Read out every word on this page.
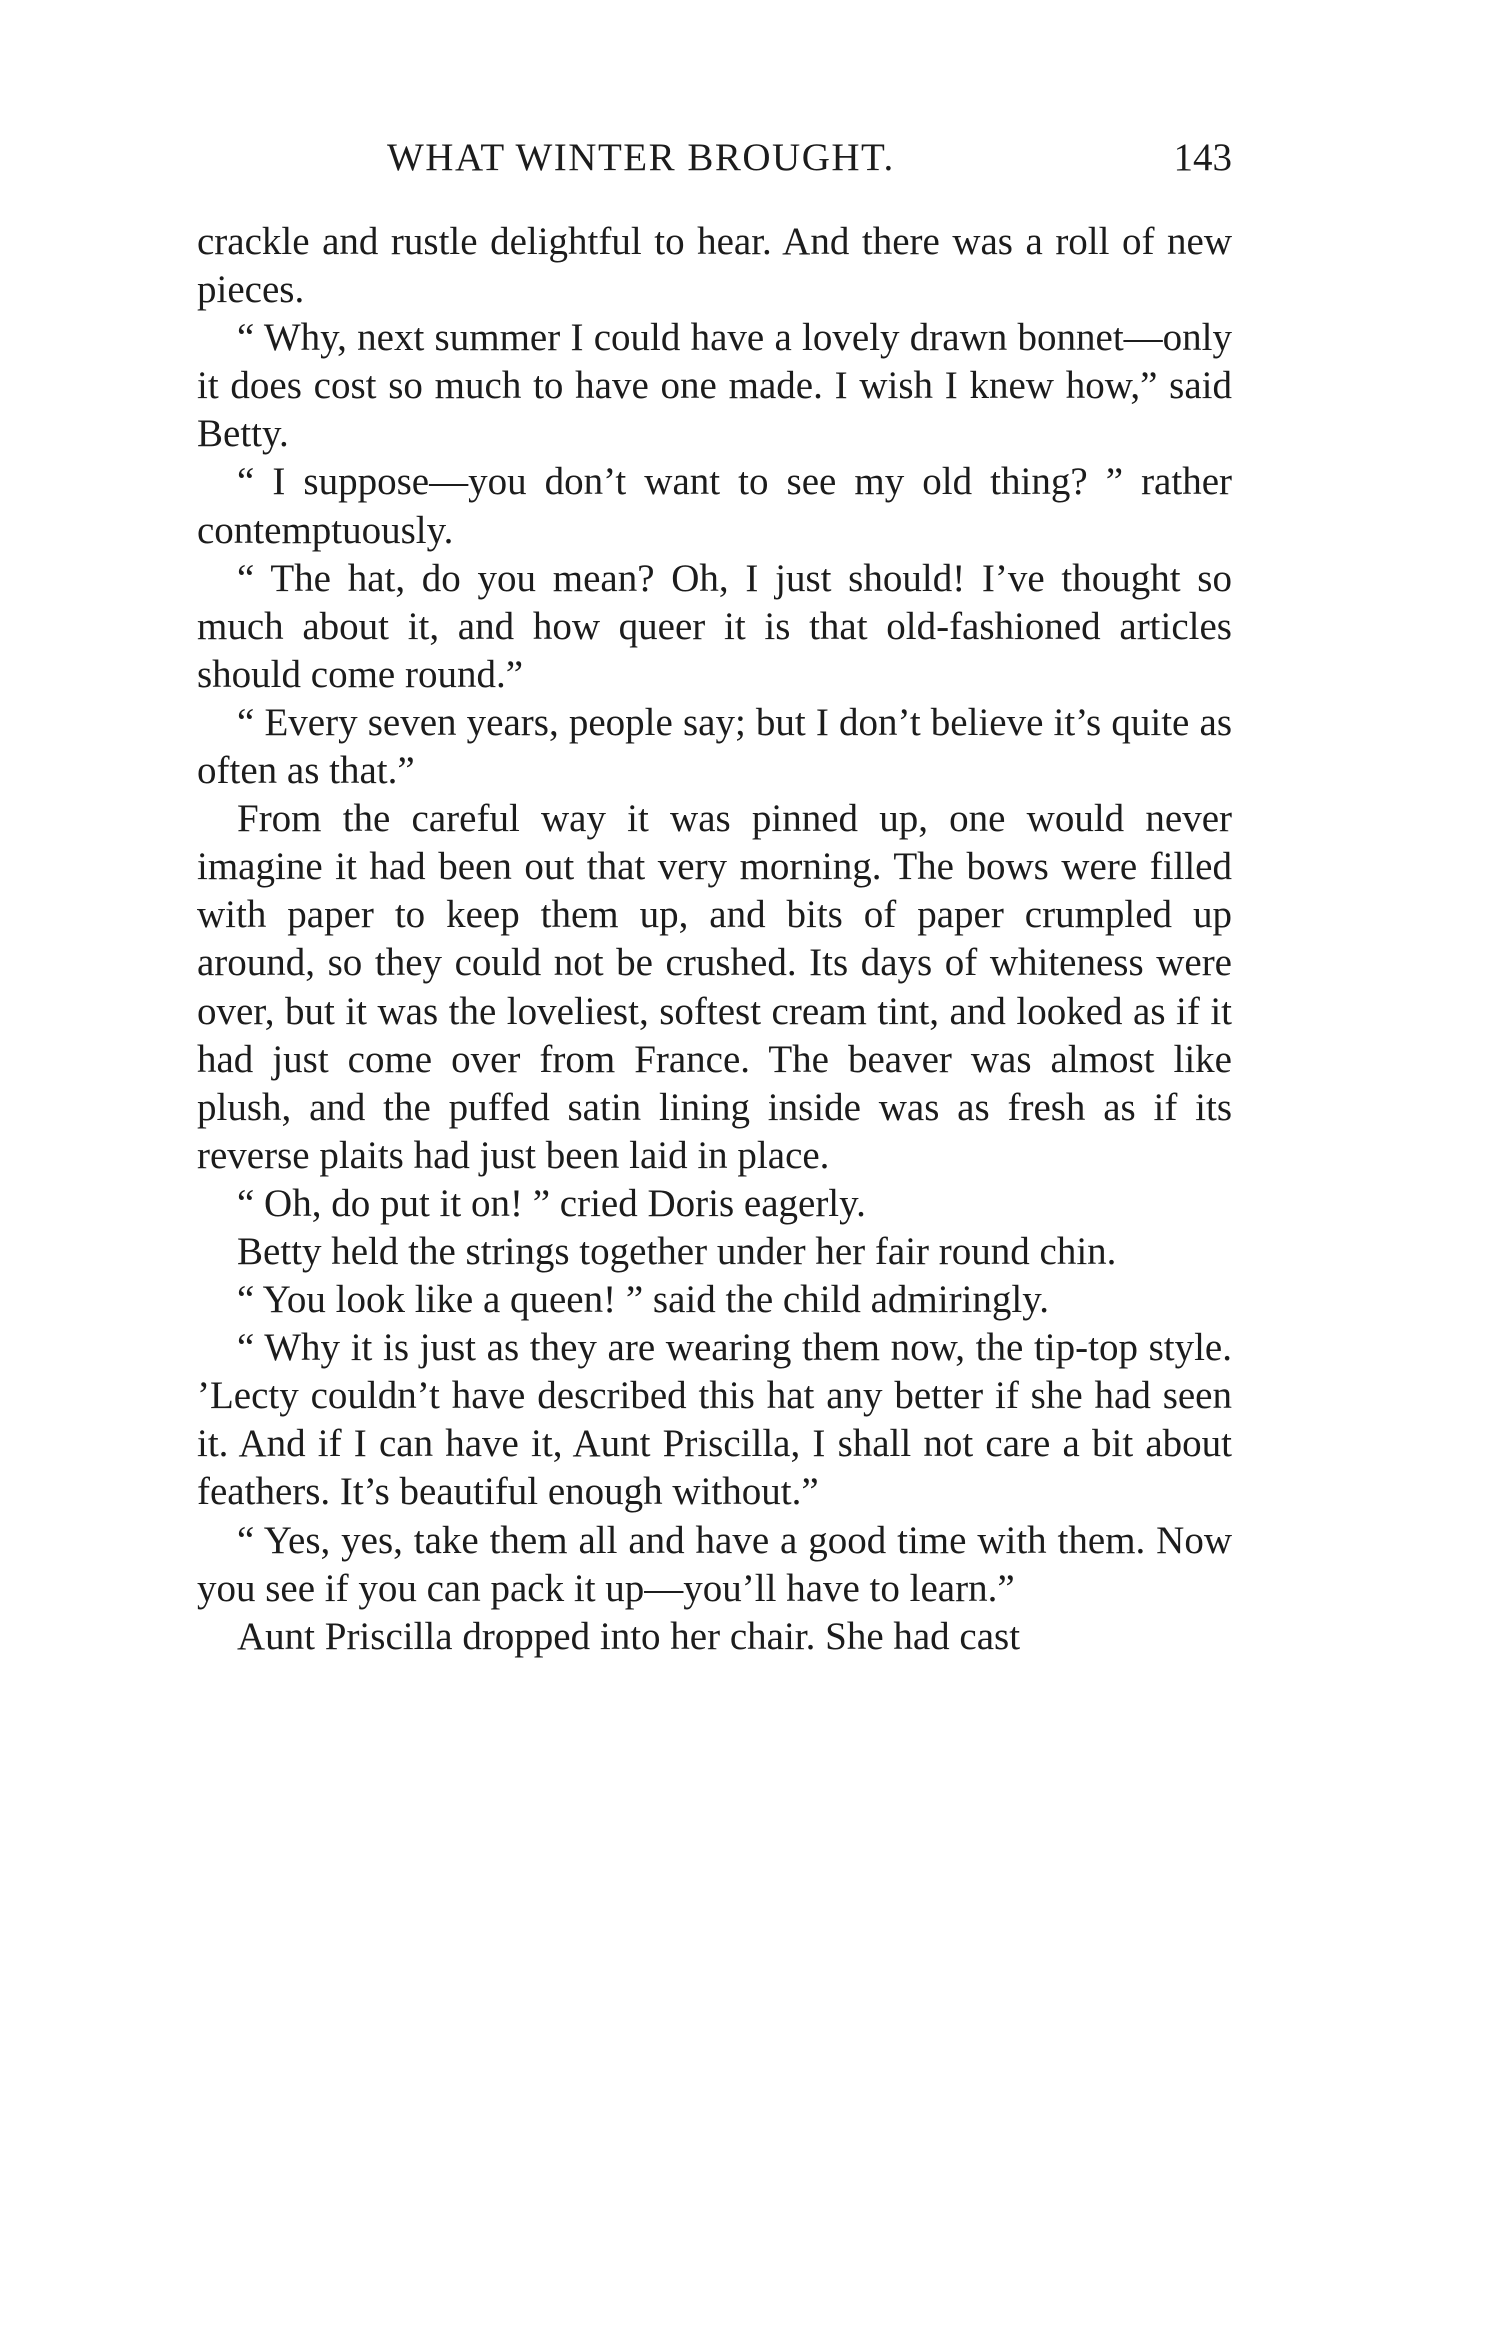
WHAT WINTER BROUGHT.	143

crackle and rustle delightful to hear. And there was a roll of new pieces.

“ Why, next summer I could have a lovely drawn bonnet—only it does cost so much to have one made. I wish I knew how,” said Betty.

“ I suppose—you don’t want to see my old thing? ” rather contemptuously.

“ The hat, do you mean? Oh, I just should! I’ve thought so much about it, and how queer it is that old-fashioned articles should come round.”

“ Every seven years, people say; but I don’t believe it’s quite as often as that.”

From the careful way it was pinned up, one would never imagine it had been out that very morning. The bows were filled with paper to keep them up, and bits of paper crumpled up around, so they could not be crushed. Its days of whiteness were over, but it was the loveliest, softest cream tint, and looked as if it had just come over from France. The beaver was almost like plush, and the puffed satin lining inside was as fresh as if its reverse plaits had just been laid in place.

“ Oh, do put it on! ” cried Doris eagerly.

Betty held the strings together under her fair round chin.

“ You look like a queen! ” said the child admiringly.

“ Why it is just as they are wearing them now, the tip-top style. ’Lecty couldn’t have described this hat any better if she had seen it. And if I can have it, Aunt Priscilla, I shall not care a bit about feathers. It’s beautiful enough without.”

“ Yes, yes, take them all and have a good time with them. Now you see if you can pack it up—you’ll have to learn.”

Aunt Priscilla dropped into her chair. She had cast
